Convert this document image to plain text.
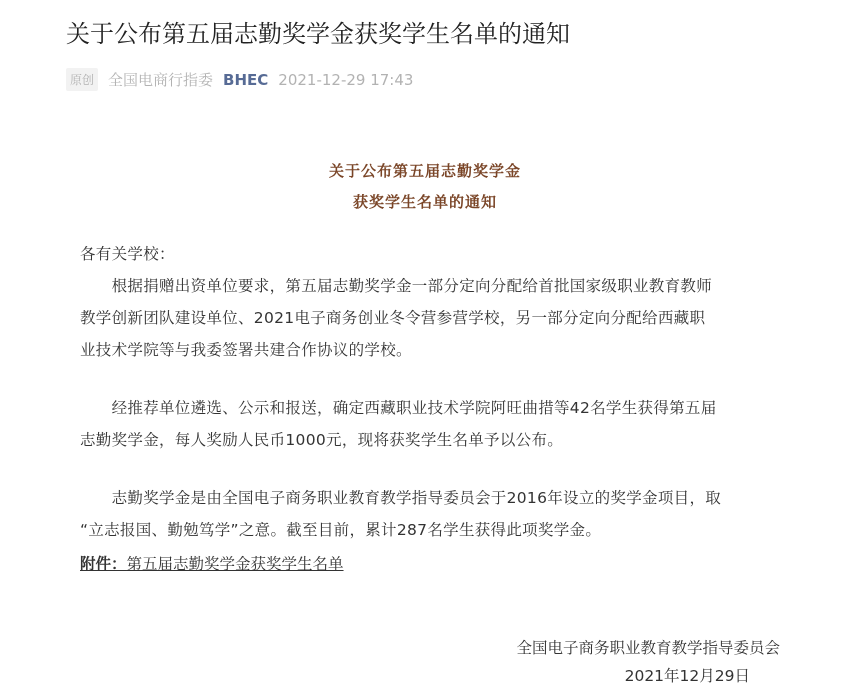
关于公布第五届志勤奖学金获奖学生名单的通知
原创 全国电商行指委 BHEC 2021-12-29 17:43
关于公布第五届志勤奖学金
获奖学生名单的通知
各有关学校：
　　根据捐赠出资单位要求，第五届志勤奖学金一部分定向分配给首批国家级职业教育教师
教学创新团队建设单位、2021电子商务创业冬令营参营学校，另一部分定向分配给西藏职
业技术学院等与我委签署共建合作协议的学校。
　　经推荐单位遴选、公示和报送，确定西藏职业技术学院阿旺曲措等42名学生获得第五届
志勤奖学金，每人奖励人民币1000元，现将获奖学生名单予以公布。
　　志勤奖学金是由全国电子商务职业教育教学指导委员会于2016年设立的奖学金项目，取
“立志报国、勤勉笃学”之意。截至目前，累计287名学生获得此项奖学金。
附件：第五届志勤奖学金获奖学生名单
全国电子商务职业教育教学指导委员会
2021年12月29日
